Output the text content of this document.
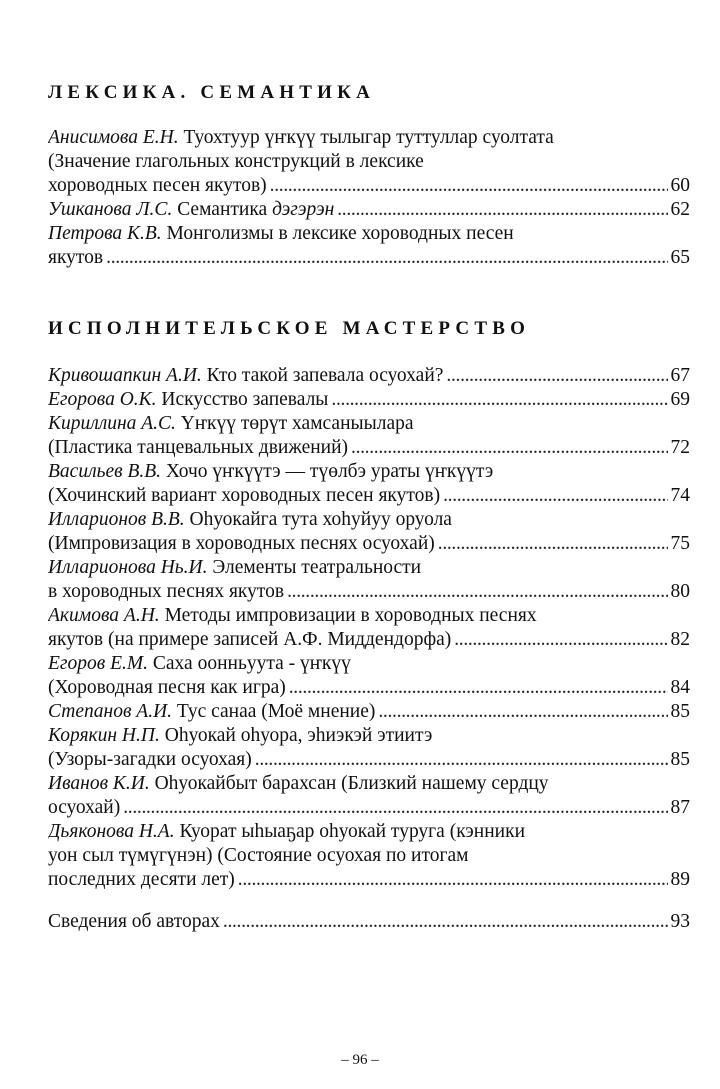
ЛЕКСИКА. СЕМАНТИКА
Анисимова Е.Н. Туохтуур үҥкүү тылыгар туттуллар суолтата
(Значение глагольных конструкций в лексике
хороводных песен якутов) . . .	60
Ушканова Л.С. Семантика дэгэрэн . . .	62
Петрова К.В. Монголизмы в лексике хороводных песен
якутов . . .	65
ИСПОЛНИТЕЛЬСКОЕ МАСТЕРСТВО
Кривошапкин А.И. Кто такой запевала осуохай? . . .	67
Егорова О.К. Искусство запевалы . . .	69
Кириллина А.С. Үҥкүү төрүт хамсаныылара
(Пластика танцевальных движений) . . .	72
Васильев В.В. Хочо үҥкүүтэ — түөлбэ ураты үҥкүүтэ
(Хочинский вариант хороводных песен якутов) . . .	74
Илларионов В.В. Оһуокайга тута хоһуйуу оруола
(Импровизация в хороводных песнях осуохай) . . .	75
Илларионова Нь.И. Элементы театральности
в хороводных песнях якутов . . .	80
Акимова А.Н. Методы импровизации в хороводных песнях
якутов (на примере записей А.Ф. Миддендорфа) . . .	82
Егоров Е.М. Саха оонньуута - үҥкүү
(Хороводная песня как игра) . . .	84
Степанов А.И. Тус санаа (Моё мнение) . . .	85
Корякин Н.П. Оһуокай оһуора, эһиэкэй этиитэ
(Узоры-загадки осуохая) . . .	85
Иванов К.И. Оһуокайбыт барахсан (Близкий нашему сердцу
осуохай) . . .	87
Дьяконова Н.А. Куорат ыһыаҕар оһуокай туруга (кэнники
уон сыл түмүгүнэн) (Состояние осуохая по итогам
последних десяти лет) . . .	89
Сведения об авторах . . .	93
– 96 –
